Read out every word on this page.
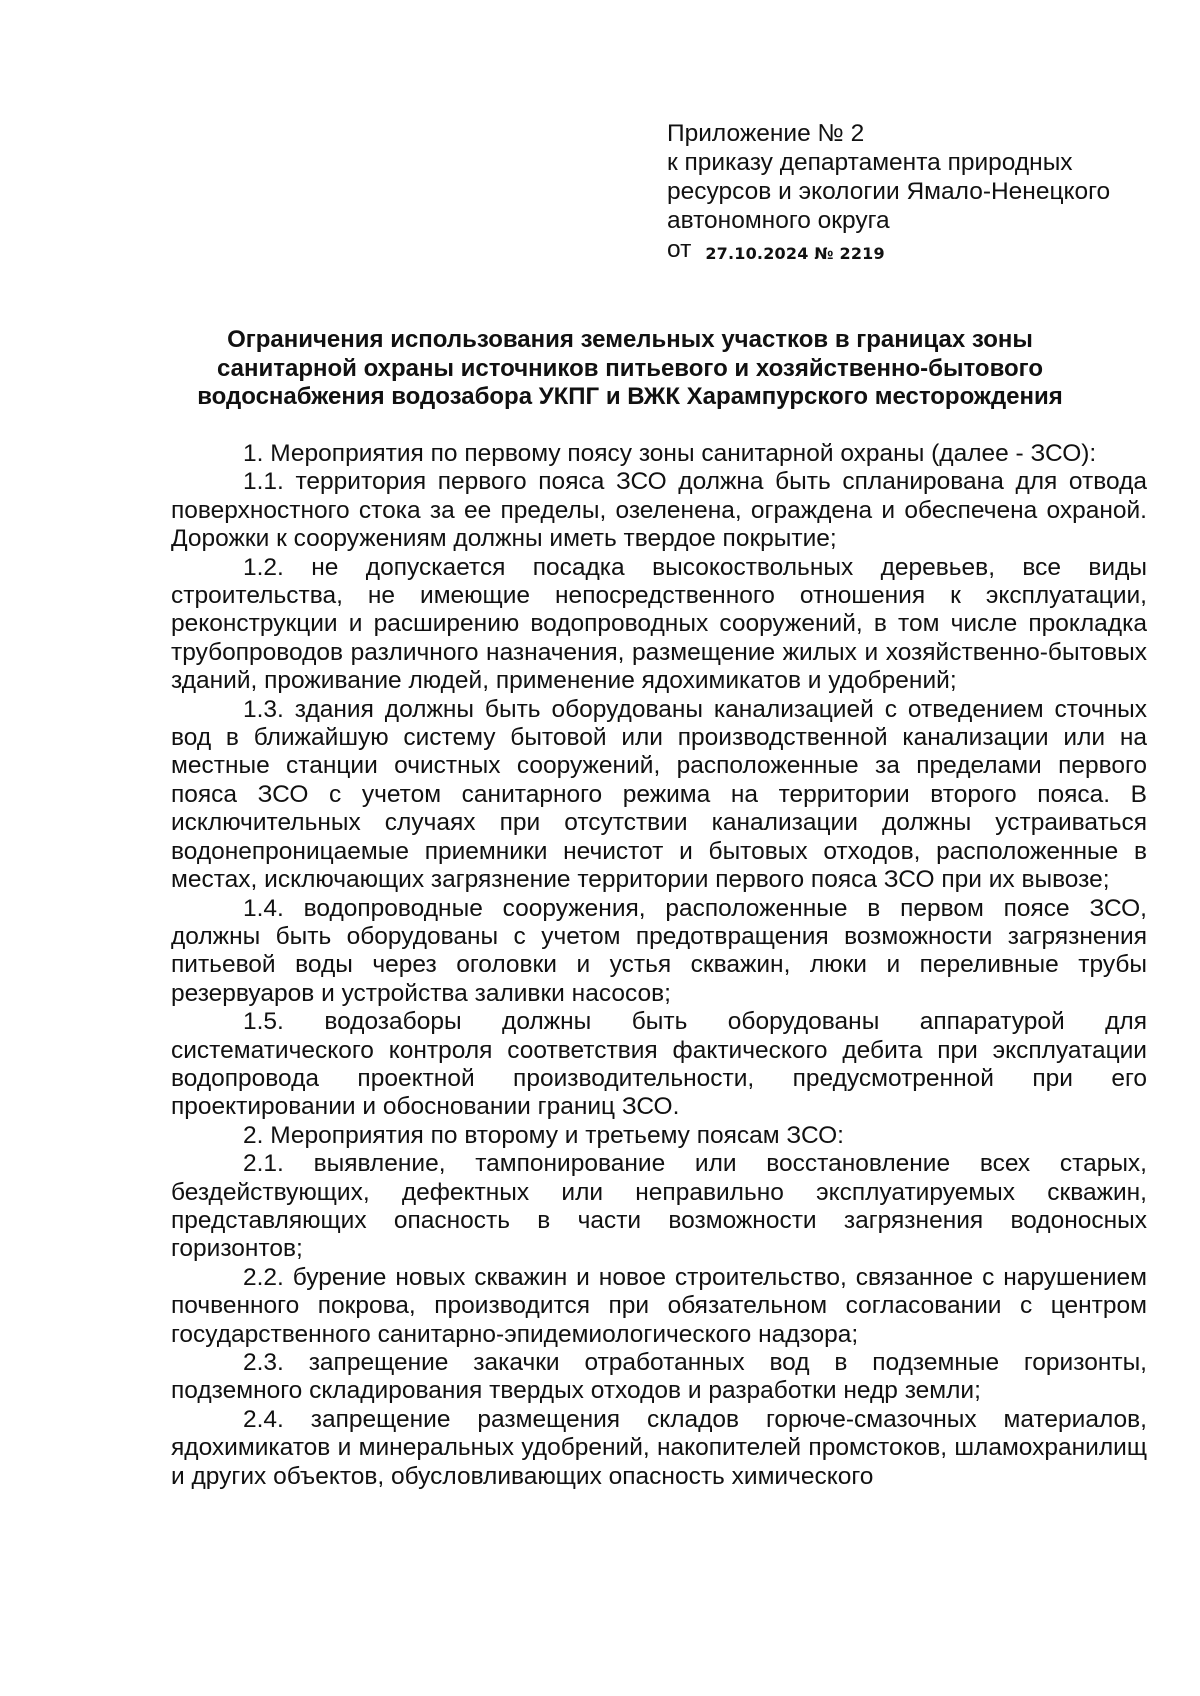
Приложение № 2
к приказу департамента природных
ресурсов и экологии Ямало-Ненецкого
автономного округа
от 27.10.2024 № 2219
Ограничения использования земельных участков в границах зоны
санитарной охраны источников питьевого и хозяйственно-бытового
водоснабжения водозабора УКПГ и ВЖК Харампурского месторождения

1. Мероприятия по первому поясу зоны санитарной охраны (далее - ЗСО):

1.1. территория первого пояса ЗСО должна быть спланирована для отвода поверхностного стока за ее пределы, озеленена, ограждена и обеспечена охраной. Дорожки к сооружениям должны иметь твердое покрытие;

1.2. не допускается посадка высокоствольных деревьев, все виды строительства, не имеющие непосредственного отношения к эксплуатации, реконструкции и расширению водопроводных сооружений, в том числе прокладка трубопроводов различного назначения, размещение жилых и хозяйственно-бытовых зданий, проживание людей, применение ядохимикатов и удобрений;

1.3. здания должны быть оборудованы канализацией с отведением сточных вод в ближайшую систему бытовой или производственной канализации или на местные станции очистных сооружений, расположенные за пределами первого пояса ЗСО с учетом санитарного режима на территории второго пояса. В исключительных случаях при отсутствии канализации должны устраиваться водонепроницаемые приемники нечистот и бытовых отходов, расположенные в местах, исключающих загрязнение территории первого пояса ЗСО при их вывозе;

1.4. водопроводные сооружения, расположенные в первом поясе ЗСО, должны быть оборудованы с учетом предотвращения возможности загрязнения питьевой воды через оголовки и устья скважин, люки и переливные трубы резервуаров и устройства заливки насосов;

1.5. водозаборы должны быть оборудованы аппаратурой для систематического контроля соответствия фактического дебита при эксплуатации водопровода проектной производительности, предусмотренной при его проектировании и обосновании границ ЗСО.

2. Мероприятия по второму и третьему поясам ЗСО:

2.1. выявление, тампонирование или восстановление всех старых, бездействующих, дефектных или неправильно эксплуатируемых скважин, представляющих опасность в части возможности загрязнения водоносных горизонтов;

2.2. бурение новых скважин и новое строительство, связанное с нарушением почвенного покрова, производится при обязательном согласовании с центром государственного санитарно-эпидемиологического надзора;

2.3. запрещение закачки отработанных вод в подземные горизонты, подземного складирования твердых отходов и разработки недр земли;

2.4. запрещение размещения складов горюче-смазочных материалов, ядохимикатов и минеральных удобрений, накопителей промстоков, шламохранилищ и других объектов, обусловливающих опасность химического
